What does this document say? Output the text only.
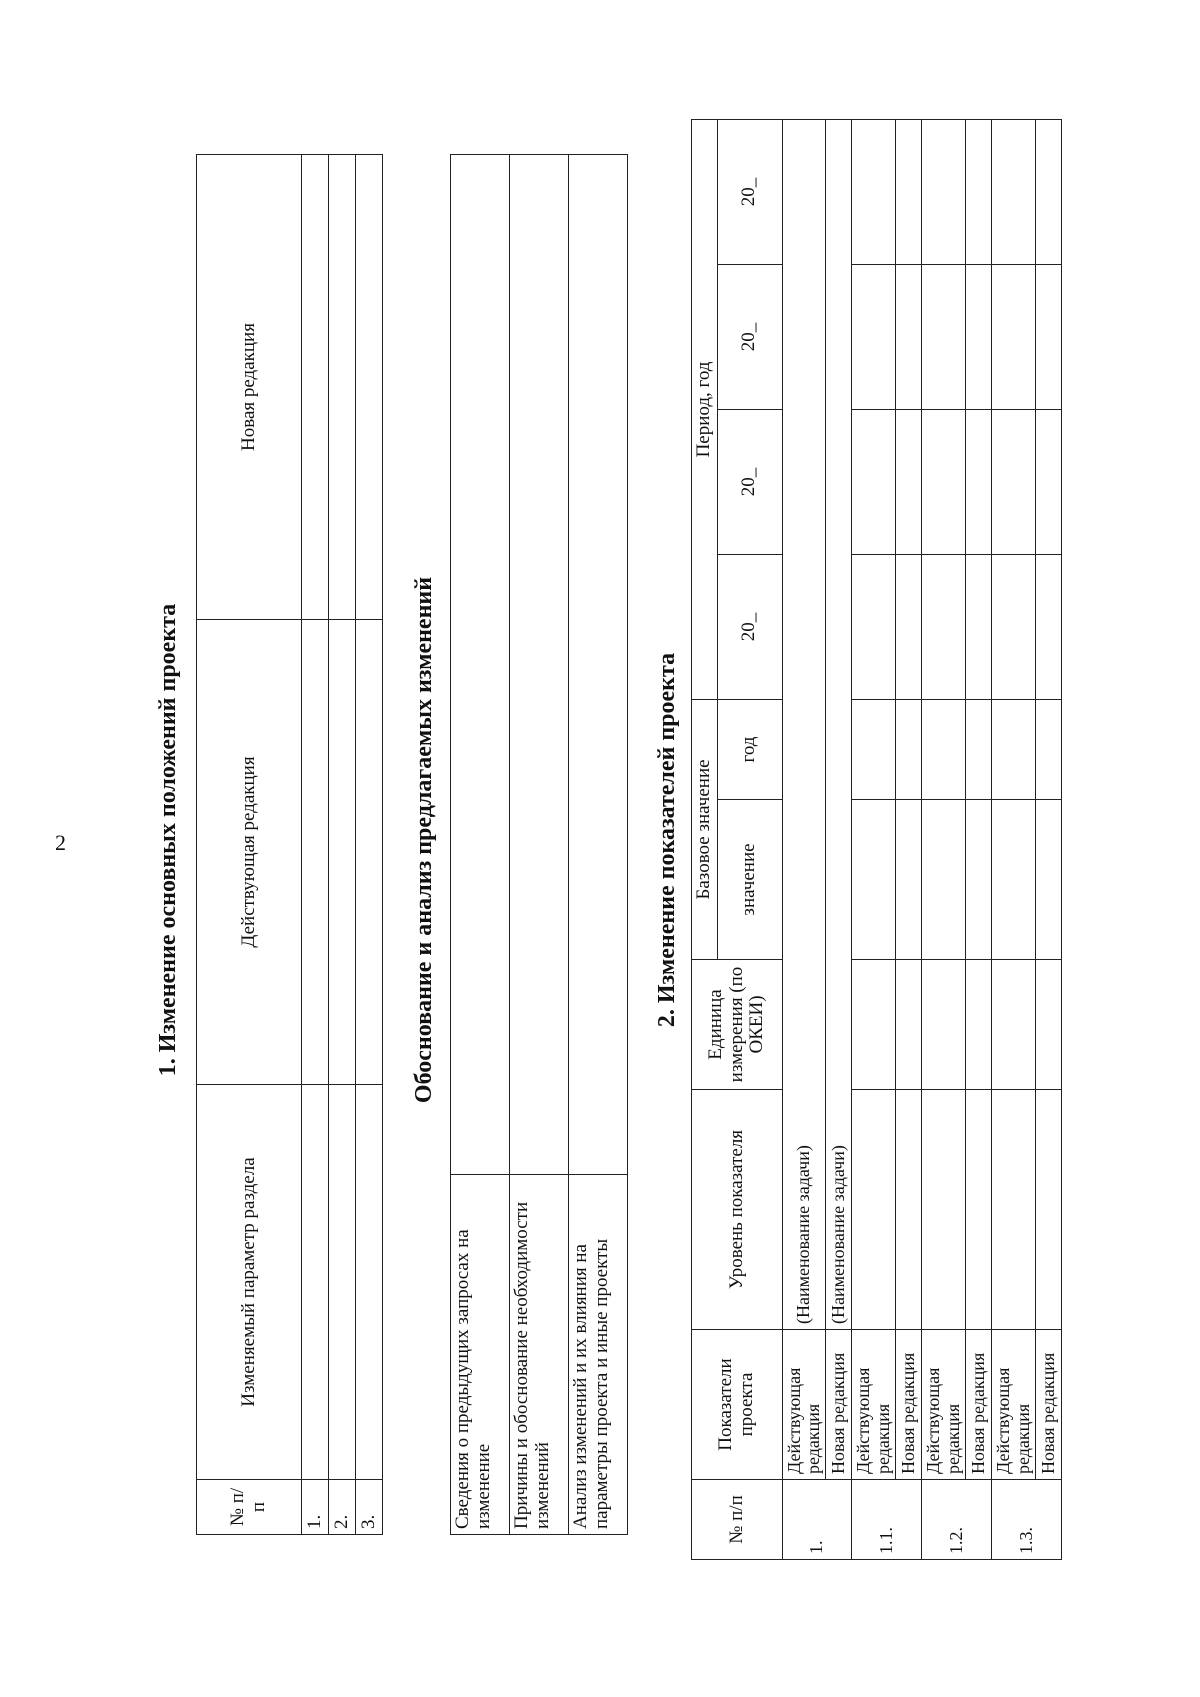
2	1. Изменение основных положений проекта
№ п/п	Изменяемый параметр раздела	Действующая редакция	Новая редакция
1.			
2.			
3.			
Обоснование и анализ предлагаемых изменений
Сведения о предыдущих запросах на изменение	
Причины и обоснование необходимости изменений	
Анализ изменений и их влияния на параметры проекта и иные проекты	
2. Изменение показателей проекта
№ п/п	Показатели проекта	Уровень показателя	Единица измерения (по ОКЕИ)	Базовое значение		Период, год			
				значение	год	20_	20_	20_	20_
1.	Действующая редакция	(Наименование задачи)							
	Новая редакция	(Наименование задачи)							
1.1.	Действующая редакция								
	Новая редакция								
1.2.	Действующая редакция								
	Новая редакция								
1.3.	Действующая редакция								
	Новая редакция								
